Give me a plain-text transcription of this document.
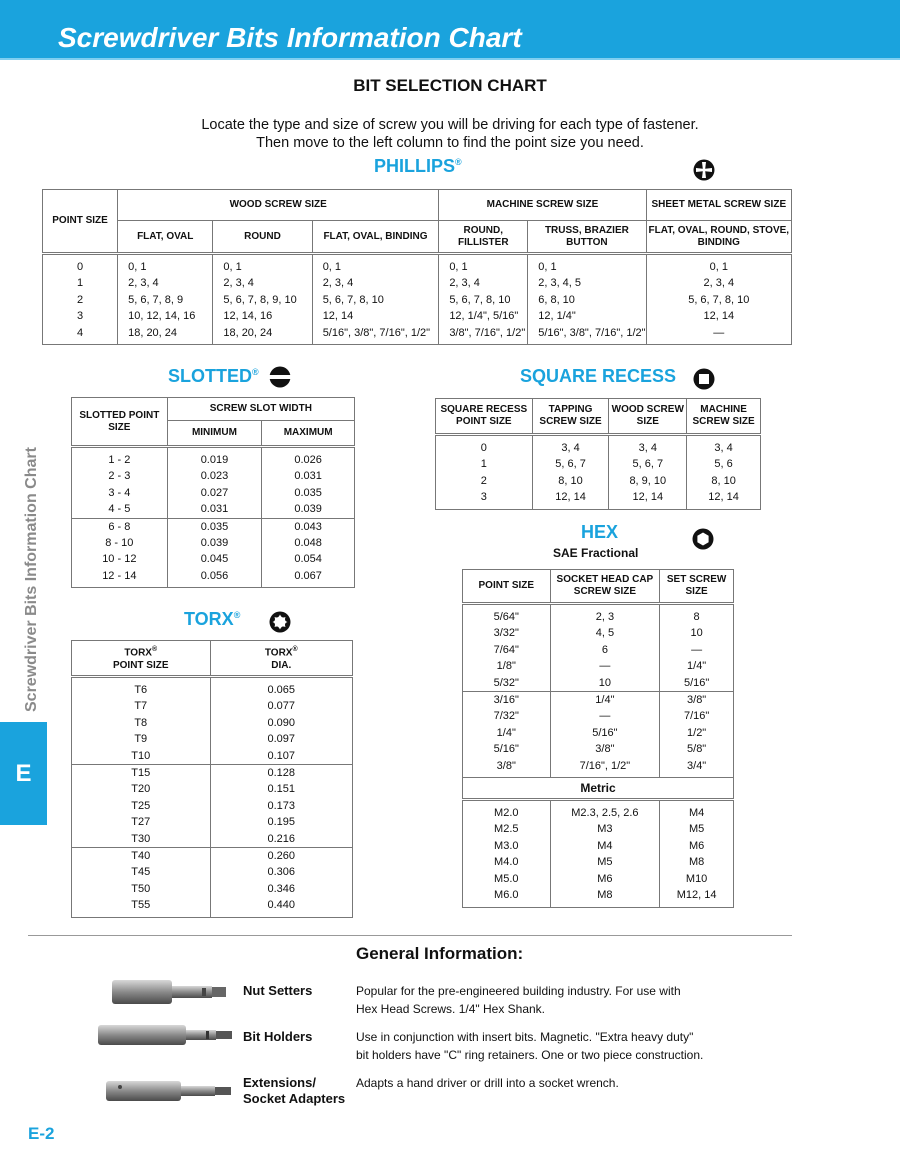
Screwdriver Bits Information Chart
Screwdriver Bits Information Chart
E
BIT SELECTION CHART
Locate the type and size of screw you will be driving for each type of fastener.
Then move to the left column to find the point size you need.
PHILLIPS®
POINT SIZE	WOOD SCREW SIZE			MACHINE SCREW SIZE		SHEET METAL SCREW SIZE
	FLAT, OVAL	ROUND	FLAT, OVAL, BINDING	ROUND, FILLISTER	TRUSS, BRAZIER BUTTON	FLAT, OVAL, ROUND, STOVE, BINDING
0	0, 1	0, 1	0, 1	0, 1	0, 1	0, 1
1	2, 3, 4	2, 3, 4	2, 3, 4	2, 3, 4	2, 3, 4, 5	2, 3, 4
2	5, 6, 7, 8, 9	5, 6, 7, 8, 9, 10	5, 6, 7, 8, 10	5, 6, 7, 8, 10	6, 8, 10	5, 6, 7, 8, 10
3	10, 12, 14, 16	12, 14, 16	12, 14	12, 1/4", 5/16"	12, 1/4"	12, 14
4	18, 20, 24	18, 20, 24	5/16", 3/8", 7/16", 1/2"	3/8", 7/16", 1/2"	5/16", 3/8", 7/16", 1/2"	—
SLOTTED®
SLOTTED POINT SIZE	SCREW SLOT WIDTH	
	MINIMUM	MAXIMUM
1 - 2	0.019	0.026
2 - 3	0.023	0.031
3 - 4	0.027	0.035
4 - 5	0.031	0.039
6 - 8	0.035	0.043
8 - 10	0.039	0.048
10 - 12	0.045	0.054
12 - 14	0.056	0.067
SQUARE RECESS
SQUARE RECESS POINT SIZE	TAPPING SCREW SIZE	WOOD SCREW SIZE	MACHINE SCREW SIZE
0	3, 4	3, 4	3, 4
1	5, 6, 7	5, 6, 7	5, 6
2	8, 10	8, 9, 10	8, 10
3	12, 14	12, 14	12, 14
HEX
SAE Fractional
POINT SIZE	SOCKET HEAD CAP SCREW SIZE	SET SCREW SIZE
5/64"	2, 3	8
3/32"	4, 5	10
7/64"	6	—
1/8"	—	1/4"
5/32"	10	5/16"
3/16"	1/4"	3/8"
7/32"	—	7/16"
1/4"	5/16"	1/2"
5/16"	3/8"	5/8"
3/8"	7/16", 1/2"	3/4"
Metric		
M2.0	M2.3, 2.5, 2.6	M4
M2.5	M3	M5
M3.0	M4	M6
M4.0	M5	M8
M5.0	M6	M10
M6.0	M8	M12, 14
TORX®
TORX®
POINT SIZE	TORX®
DIA.
T6	0.065
T7	0.077
T8	0.090
T9	0.097
T10	0.107
T15	0.128
T20	0.151
T25	0.173
T27	0.195
T30	0.216
T40	0.260
T45	0.306
T50	0.346
T55	0.440
General Information:
Nut Setters	Popular for the pre-engineered building industry. For use with
Hex Head Screws. 1/4" Hex Shank.
Bit Holders	Use in conjunction with insert bits. Magnetic. "Extra heavy duty"
bit holders have "C" ring retainers. One or two piece construction.
Extensions/
Socket Adapters
Adapts a hand driver or drill into a socket wrench.
E-2
